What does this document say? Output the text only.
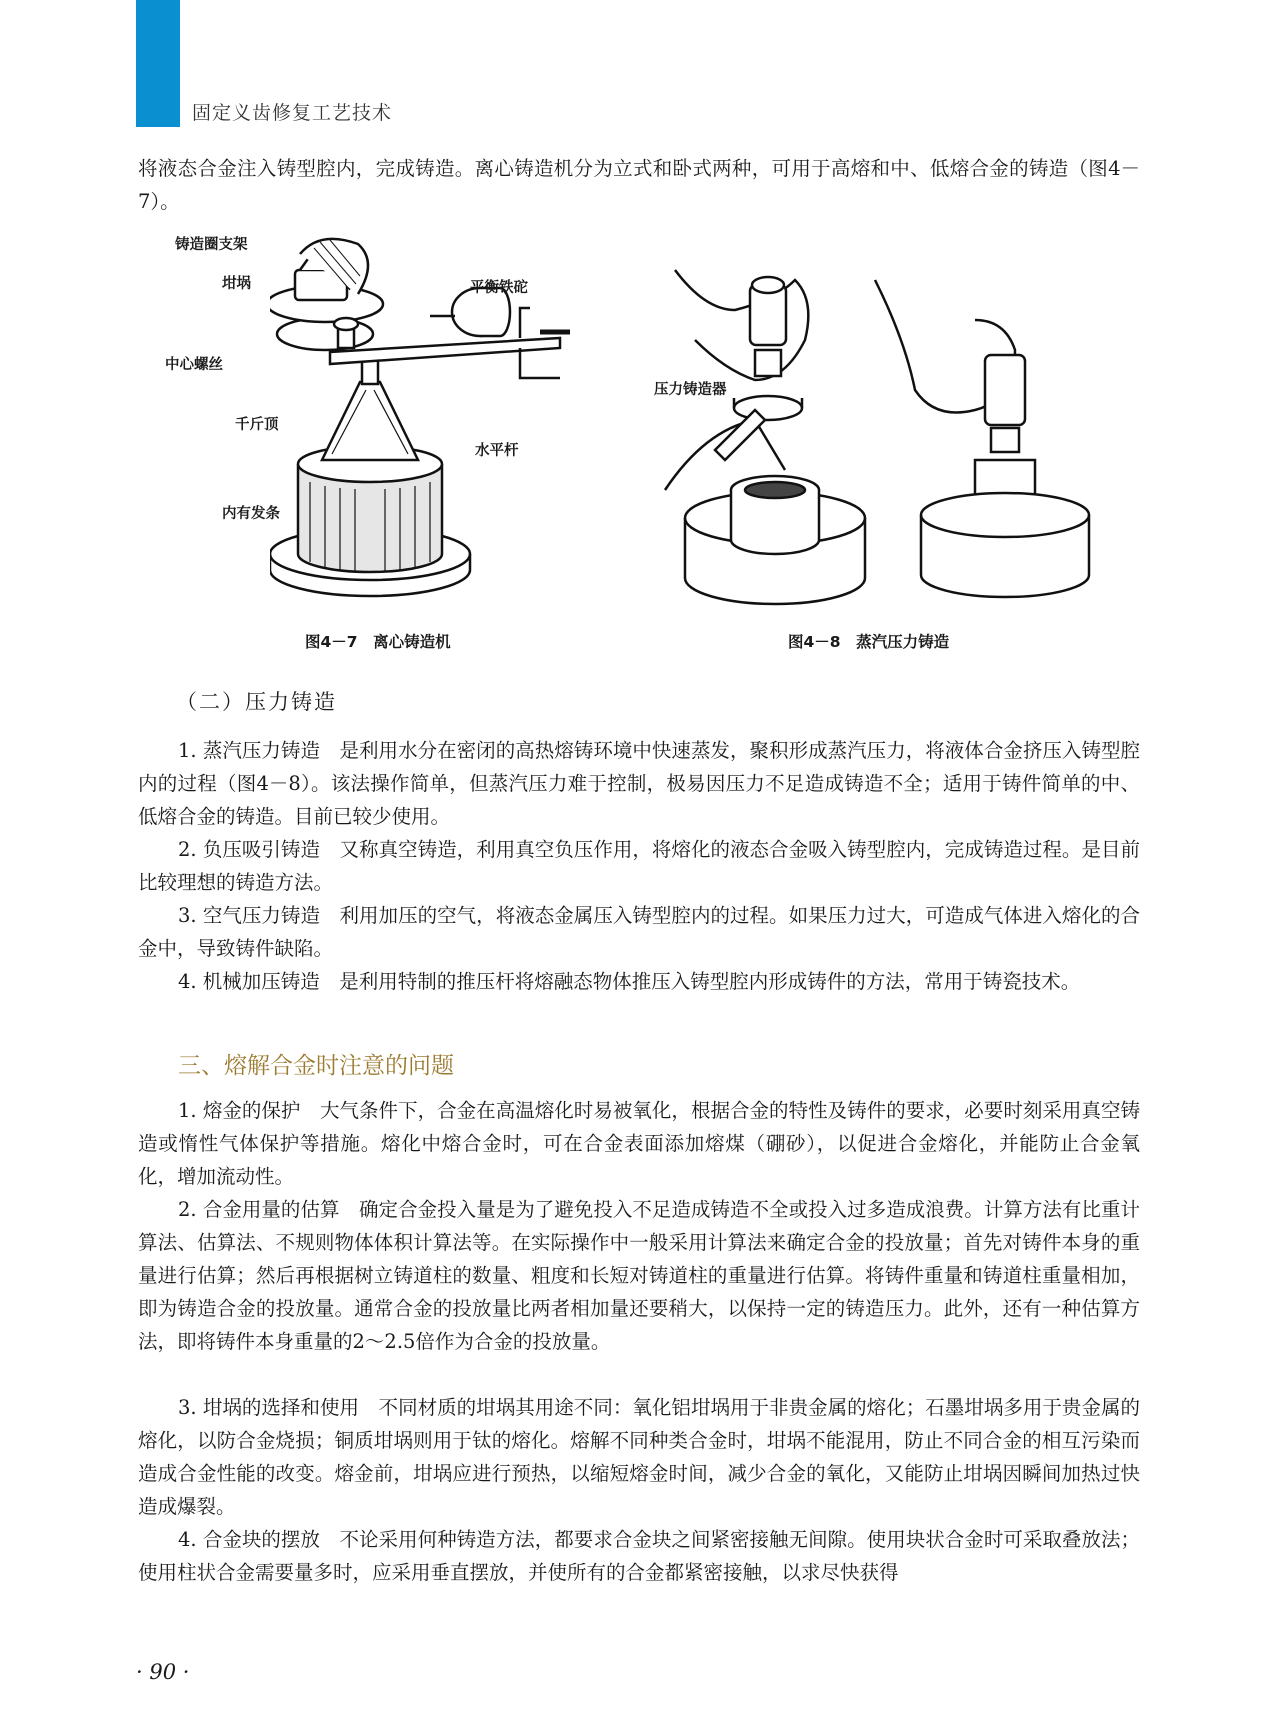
固定义齿修复工艺技术

将液态合金注入铸型腔内，完成铸造。离心铸造机分为立式和卧式两种，可用于高熔和中、低熔合金的铸造（图4－7）。

铸造圈支架
坩埚	平衡铁砣
中心螺丝
千斤顶
水平杆
内有发条
图4－7　离心铸造机
压力铸造器
图4－8　蒸汽压力铸造
（二）压力铸造

1. 蒸汽压力铸造　是利用水分在密闭的高热熔铸环境中快速蒸发，聚积形成蒸汽压力，将液体合金挤压入铸型腔内的过程（图4－8）。该法操作简单，但蒸汽压力难于控制，极易因压力不足造成铸造不全；适用于铸件简单的中、低熔合金的铸造。目前已较少使用。

2. 负压吸引铸造　又称真空铸造，利用真空负压作用，将熔化的液态合金吸入铸型腔内，完成铸造过程。是目前比较理想的铸造方法。

3. 空气压力铸造　利用加压的空气，将液态金属压入铸型腔内的过程。如果压力过大，可造成气体进入熔化的合金中，导致铸件缺陷。

4. 机械加压铸造　是利用特制的推压杆将熔融态物体推压入铸型腔内形成铸件的方法，常用于铸瓷技术。

三、熔解合金时注意的问题

1. 熔金的保护　大气条件下，合金在高温熔化时易被氧化，根据合金的特性及铸件的要求，必要时刻采用真空铸造或惰性气体保护等措施。熔化中熔合金时，可在合金表面添加熔煤（硼砂），以促进合金熔化，并能防止合金氧化，增加流动性。

2. 合金用量的估算　确定合金投入量是为了避免投入不足造成铸造不全或投入过多造成浪费。计算方法有比重计算法、估算法、不规则物体体积计算法等。在实际操作中一般采用计算法来确定合金的投放量；首先对铸件本身的重量进行估算；然后再根据树立铸道柱的数量、粗度和长短对铸道柱的重量进行估算。将铸件重量和铸道柱重量相加，即为铸造合金的投放量。通常合金的投放量比两者相加量还要稍大，以保持一定的铸造压力。此外，还有一种估算方法，即将铸件本身重量的2～2.5倍作为合金的投放量。

3. 坩埚的选择和使用　不同材质的坩埚其用途不同：氧化铝坩埚用于非贵金属的熔化；石墨坩埚多用于贵金属的熔化，以防合金烧损；铜质坩埚则用于钛的熔化。熔解不同种类合金时，坩埚不能混用，防止不同合金的相互污染而造成合金性能的改变。熔金前，坩埚应进行预热，以缩短熔金时间，减少合金的氧化，又能防止坩埚因瞬间加热过快造成爆裂。

4. 合金块的摆放　不论采用何种铸造方法，都要求合金块之间紧密接触无间隙。使用块状合金时可采取叠放法；使用柱状合金需要量多时，应采用垂直摆放，并使所有的合金都紧密接触，以求尽快获得

· 90 ·
